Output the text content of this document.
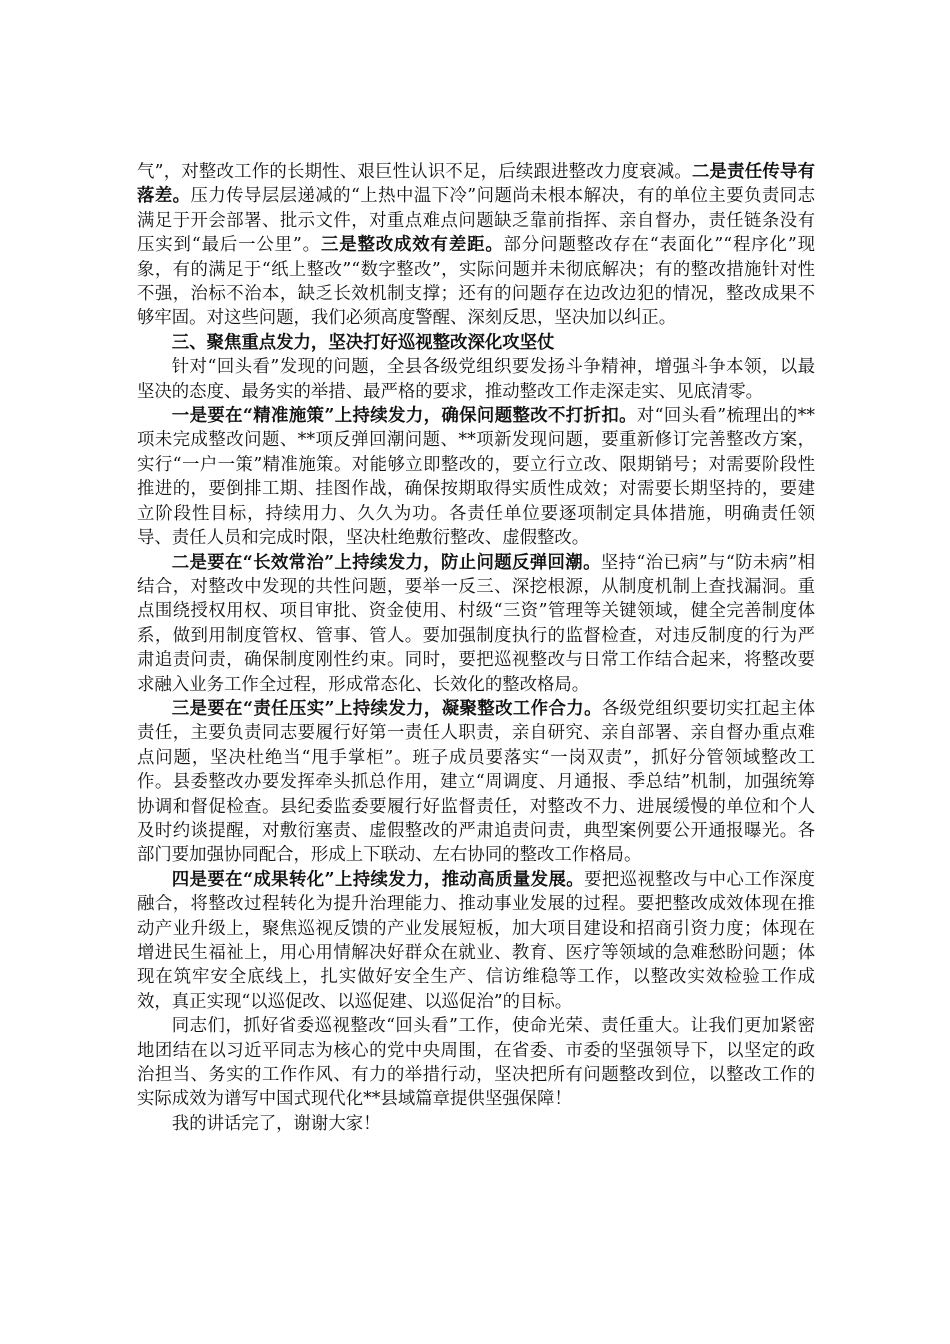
气”，对整改工作的长期性、艰巨性认识不足，后续跟进整改力度衰减。二是责任传导有落差。压力传导层层递减的“上热中温下冷”问题尚未根本解决，有的单位主要负责同志满足于开会部署、批示文件，对重点难点问题缺乏靠前指挥、亲自督办，责任链条没有压实到“最后一公里”。三是整改成效有差距。部分问题整改存在“表面化”“程序化”现象，有的满足于“纸上整改”“数字整改”，实际问题并未彻底解决；有的整改措施针对性不强，治标不治本，缺乏长效机制支撑；还有的问题存在边改边犯的情况，整改成果不够牢固。对这些问题，我们必须高度警醒、深刻反思，坚决加以纠正。

三、聚焦重点发力，坚决打好巡视整改深化攻坚仗

针对“回头看”发现的问题，全县各级党组织要发扬斗争精神，增强斗争本领，以最坚决的态度、最务实的举措、最严格的要求，推动整改工作走深走实、见底清零。

一是要在“精准施策”上持续发力，确保问题整改不打折扣。对“回头看”梳理出的**项未完成整改问题、**项反弹回潮问题、**项新发现问题，要重新修订完善整改方案，实行“一户一策”精准施策。对能够立即整改的，要立行立改、限期销号；对需要阶段性推进的，要倒排工期、挂图作战，确保按期取得实质性成效；对需要长期坚持的，要建立阶段性目标，持续用力、久久为功。各责任单位要逐项制定具体措施，明确责任领导、责任人员和完成时限，坚决杜绝敷衍整改、虚假整改。

二是要在“长效常治”上持续发力，防止问题反弹回潮。坚持“治已病”与“防未病”相结合，对整改中发现的共性问题，要举一反三、深挖根源，从制度机制上查找漏洞。重点围绕授权用权、项目审批、资金使用、村级“三资”管理等关键领域，健全完善制度体系，做到用制度管权、管事、管人。要加强制度执行的监督检查，对违反制度的行为严肃追责问责，确保制度刚性约束。同时，要把巡视整改与日常工作结合起来，将整改要求融入业务工作全过程，形成常态化、长效化的整改格局。

三是要在“责任压实”上持续发力，凝聚整改工作合力。各级党组织要切实扛起主体责任，主要负责同志要履行好第一责任人职责，亲自研究、亲自部署、亲自督办重点难点问题，坚决杜绝当“甩手掌柜”。班子成员要落实“一岗双责”，抓好分管领域整改工作。县委整改办要发挥牵头抓总作用，建立“周调度、月通报、季总结”机制，加强统筹协调和督促检查。县纪委监委要履行好监督责任，对整改不力、进展缓慢的单位和个人及时约谈提醒，对敷衍塞责、虚假整改的严肃追责问责，典型案例要公开通报曝光。各部门要加强协同配合，形成上下联动、左右协同的整改工作格局。

四是要在“成果转化”上持续发力，推动高质量发展。要把巡视整改与中心工作深度融合，将整改过程转化为提升治理能力、推动事业发展的过程。要把整改成效体现在推动产业升级上，聚焦巡视反馈的产业发展短板，加大项目建设和招商引资力度；体现在增进民生福祉上，用心用情解决好群众在就业、教育、医疗等领域的急难愁盼问题；体现在筑牢安全底线上，扎实做好安全生产、信访维稳等工作，以整改实效检验工作成效，真正实现“以巡促改、以巡促建、以巡促治”的目标。

同志们，抓好省委巡视整改“回头看”工作，使命光荣、责任重大。让我们更加紧密地团结在以习近平同志为核心的党中央周围，在省委、市委的坚强领导下，以坚定的政治担当、务实的工作作风、有力的举措行动，坚决把所有问题整改到位，以整改工作的实际成效为谱写中国式现代化**县域篇章提供坚强保障！

我的讲话完了，谢谢大家！
